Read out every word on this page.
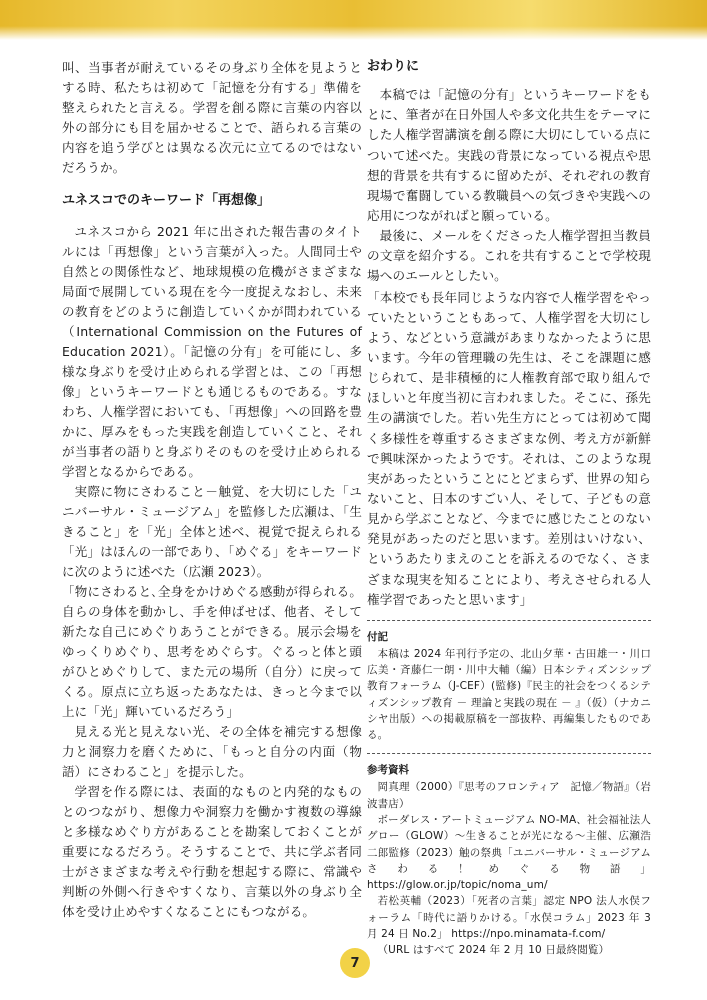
叫、当事者が耐えているその身ぶり全体を見ようとする時、私たちは初めて「記憶を分有する」準備を整えられたと言える。学習を創る際に言葉の内容以外の部分にも目を届かせることで、語られる言葉の内容を追う学びとは異なる次元に立てるのではないだろうか。

ユネスコでのキーワード「再想像」

ユネスコから 2021 年に出された報告書のタイトルには「再想像」という言葉が入った。人間同士や自然との関係性など、地球規模の危機がさまざまな局面で展開している現在を今一度捉えなおし、未来の教育をどのように創造していくかが問われている（International Commission on the Futures of Education 2021）。「記憶の分有」を可能にし、多様な身ぶりを受け止められる学習とは、この「再想像」というキーワードとも通じるものである。すなわち、人権学習においても、「再想像」への回路を豊かに、厚みをもった実践を創造していくこと、それが当事者の語りと身ぶりそのものを受け止められる学習となるからである。

実際に物にさわること－触覚、を大切にした「ユニバーサル・ミュージアム」を監修した広瀬は、「生きること」を「光」全体と述べ、視覚で捉えられる「光」はほんの一部であり、「めぐる」をキーワードに次のように述べた（広瀬 2023）。

「物にさわると､全身をかけめぐる感動が得られる。自らの身体を動かし、手を伸ばせば、他者、そして新たな自己にめぐりあうことができる。展示会場をゆっくりめぐり、思考をめぐらす。ぐるっと体と頭がひとめぐりして、また元の場所（自分）に戻ってくる。原点に立ち返ったあなたは、きっと今まで以上に「光」輝いているだろう」

見える光と見えない光、その全体を補完する想像力と洞察力を磨くために、「もっと自分の内面（物語）にさわること」を提示した。

学習を作る際には、表面的なものと内発的なものとのつながり、想像力や洞察力を働かす複数の導線と多様なめぐり方があることを勘案しておくことが重要になるだろう。そうすることで、共に学ぶ者同士がさまざまな考えや行動を想起する際に、常識や判断の外側へ行きやすくなり、言葉以外の身ぶり全体を受け止めやすくなることにもつながる。

おわりに

本稿では「記憶の分有」というキーワードをもとに、筆者が在日外国人や多文化共生をテーマにした人権学習講演を創る際に大切にしている点について述べた。実践の背景になっている視点や思想的背景を共有するに留めたが、それぞれの教育現場で奮闘している教職員への気づきや実践への応用につながればと願っている。

最後に、メールをくださった人権学習担当教員の文章を紹介する。これを共有することで学校現場へのエールとしたい。

「本校でも長年同じような内容で人権学習をやっていたということもあって、人権学習を大切にしよう、などという意識があまりなかったように思います。今年の管理職の先生は、そこを課題に感じられて、是非積極的に人権教育部で取り組んでほしいと年度当初に言われました。そこに、孫先生の講演でした。若い先生方にとっては初めて聞く多様性を尊重するさまざまな例、考え方が新鮮で興味深かったようです。それは、このような現実があったということにとどまらず、世界の知らないこと、日本のすごい人、そして、子どもの意見から学ぶことなど、今までに感じたことのない発見があったのだと思います。差別はいけない、というあたりまえのことを訴えるのでなく、さまざまな現実を知ることにより、考えさせられる人権学習であったと思います」

付記

本稿は 2024 年刊行予定の、北山夕華・古田雄一・川口広美・斉藤仁一朗・川中大輔（編）日本シティズンシップ教育フォーラム（J-CEF）(監修)『民主的社会をつくるシティズンシップ教育 － 理論と実践の現在 － 』（仮）（ナカニシヤ出版）への掲載原稿を一部抜粋、再編集したものである。

参考資料

岡真理（2000）『思考のフロンティア　記憶／物語』（岩波書店）

ボーダレス・アートミュージアム NO-MA、社会福祉法人グロー（GLOW）～生きることが光になる～主催、広瀬浩二郎監修（2023）触の祭典「ユニバーサル・ミュージアム さわる！めぐる物語」 https://glow.or.jp/topic/noma_um/

若松英輔（2023）「死者の言葉」認定 NPO 法人水俣フォーラム「時代に語りかける。「水俣コラム」2023 年 3 月 24 日 No.2」 https://npo.minamata-f.com/

（URL はすべて 2024 年 2 月 10 日最終閲覧）

7
